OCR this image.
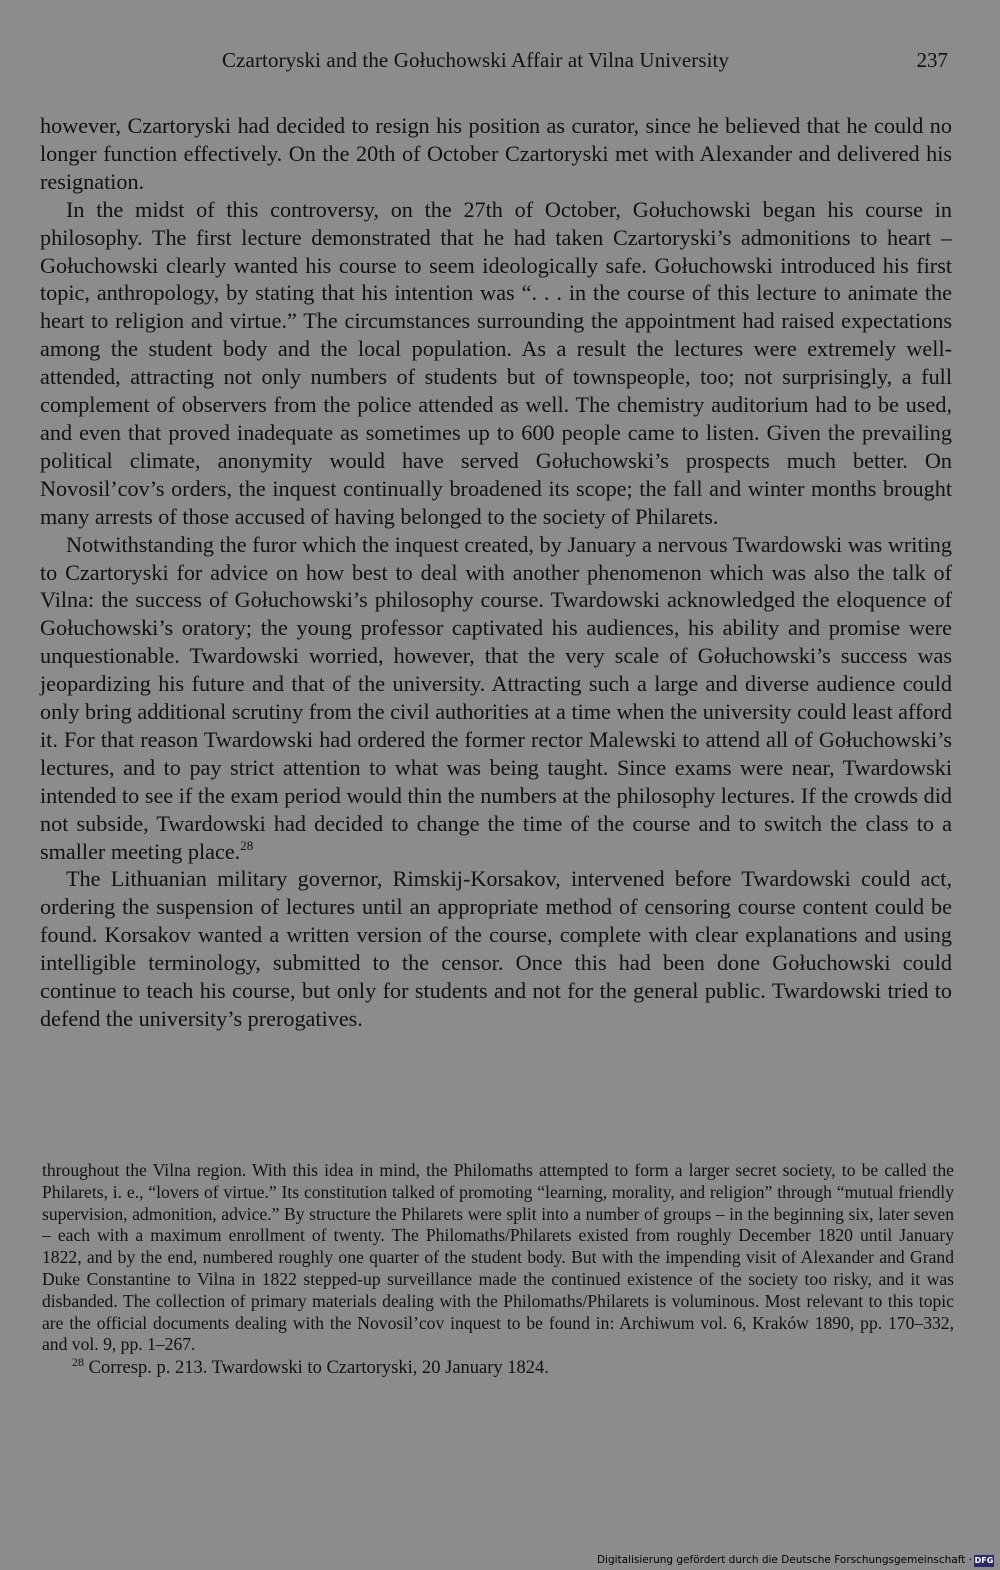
Czartoryski and the Gołuchowski Affair at Vilna University	237

however, Czartoryski had decided to resign his position as curator, since he believed that he could no longer function effectively. On the 20th of October Czartoryski met with Alexander and delivered his resignation.

In the midst of this controversy, on the 27th of October, Gołuchowski began his course in philosophy. The first lecture demonstrated that he had taken Czartoryski’s admonitions to heart – Gołuchowski clearly wanted his course to seem ideologically safe. Gołuchowski introduced his first topic, anthropology, by stating that his intention was “. . . in the course of this lecture to animate the heart to religion and virtue.” The circumstances surrounding the appointment had raised expectations among the student body and the local population. As a result the lectures were extremely well-attended, attracting not only numbers of students but of townspeople, too; not surprisingly, a full complement of observers from the police attended as well. The chemistry auditorium had to be used, and even that proved inadequate as sometimes up to 600 people came to listen. Given the prevailing political climate, anonymity would have served Gołuchowski’s prospects much better. On Novosil’cov’s orders, the inquest continually broadened its scope; the fall and winter months brought many arrests of those accused of having belonged to the society of Philarets.

Notwithstanding the furor which the inquest created, by January a nervous Twardowski was writing to Czartoryski for advice on how best to deal with another phenomenon which was also the talk of Vilna: the success of Gołuchowski’s philosophy course. Twardowski acknowledged the eloquence of Gołuchowski’s oratory; the young professor captivated his audiences, his ability and promise were unquestionable. Twardowski worried, however, that the very scale of Gołuchowski’s success was jeopardizing his future and that of the university. Attracting such a large and diverse audience could only bring additional scrutiny from the civil authorities at a time when the university could least afford it. For that reason Twardowski had ordered the former rector Malewski to attend all of Gołuchowski’s lectures, and to pay strict attention to what was being taught. Since exams were near, Twardowski intended to see if the exam period would thin the numbers at the philosophy lectures. If the crowds did not subside, Twardowski had decided to change the time of the course and to switch the class to a smaller meeting place.$^{28}$

The Lithuanian military governor, Rimskij-Korsakov, intervened before Twardowski could act, ordering the suspension of lectures until an appropriate method of censoring course content could be found. Korsakov wanted a written version of the course, complete with clear explanations and using intelligible terminology, submitted to the censor. Once this had been done Gołuchowski could continue to teach his course, but only for students and not for the general public. Twardowski tried to defend the university’s prerogatives.

throughout the Vilna region. With this idea in mind, the Philomaths attempted to form a larger secret society, to be called the Philarets, i. e., “lovers of virtue.” Its constitution talked of promoting “learning, morality, and religion” through “mutual friendly supervision, admonition, advice.” By structure the Philarets were split into a number of groups – in the beginning six, later seven – each with a maximum enrollment of twenty. The Philomaths/Philarets existed from roughly December 1820 until January 1822, and by the end, numbered roughly one quarter of the student body. But with the impending visit of Alexander and Grand Duke Constantine to Vilna in 1822 stepped-up surveillance made the continued existence of the society too risky, and it was disbanded. The collection of primary materials dealing with the Philomaths/Philarets is voluminous. Most relevant to this topic are the official documents dealing with the Novosil’cov inquest to be found in: Archiwum vol. 6, Kraków 1890, pp. 170–332, and vol. 9, pp. 1–267.

$^{28}$ Corresp. p. 213. Twardowski to Czartoryski, 20 January 1824.

Digitalisierung gefördert durch die Deutsche Forschungsgemeinschaft · DFG
